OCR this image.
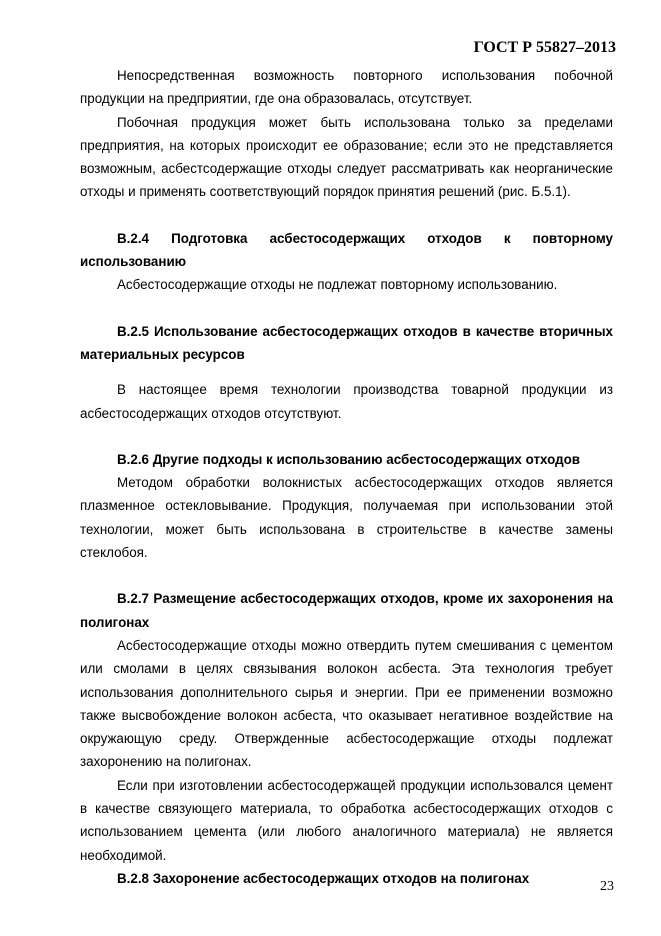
ГОСТ Р 55827–2013

Непосредственная возможность повторного использования побочной продукции на предприятии, где она образовалась, отсутствует.

Побочная продукция может быть использована только за пределами предприятия, на которых происходит ее образование; если это не представляется возможным, асбестсодержащие отходы следует рассматривать как неорганические отходы и применять соответствующий порядок принятия решений (рис. Б.5.1).

В.2.4 Подготовка асбестосодержащих отходов к повторному использованию

Асбестосодержащие отходы не подлежат повторному использованию.

В.2.5 Использование асбестосодержащих отходов в качестве вторичных материальных ресурсов

В настоящее время технологии производства товарной продукции из асбестосодержащих отходов отсутствуют.

В.2.6 Другие подходы к использованию асбестосодержащих отходов

Методом обработки волокнистых асбестосодержащих отходов является плазменное остекловывание. Продукция, получаемая при использовании этой технологии, может быть использована в строительстве в качестве замены стеклобоя.

В.2.7 Размещение асбестосодержащих отходов, кроме их захоронения на полигонах

Асбестосодержащие отходы можно отвердить путем смешивания с цементом или смолами в целях связывания волокон асбеста. Эта технология требует использования дополнительного сырья и энергии. При ее применении возможно также высвобождение волокон асбеста, что оказывает негативное воздействие на окружающую среду. Отвержденные асбестосодержащие отходы подлежат захоронению на полигонах.

Если при изготовлении асбестосодержащей продукции использовался цемент в качестве связующего материала, то обработка асбестосодержащих отходов с использованием цемента (или любого аналогичного материала) не является необходимой.

В.2.8 Захоронение асбестосодержащих отходов на полигонах

23
